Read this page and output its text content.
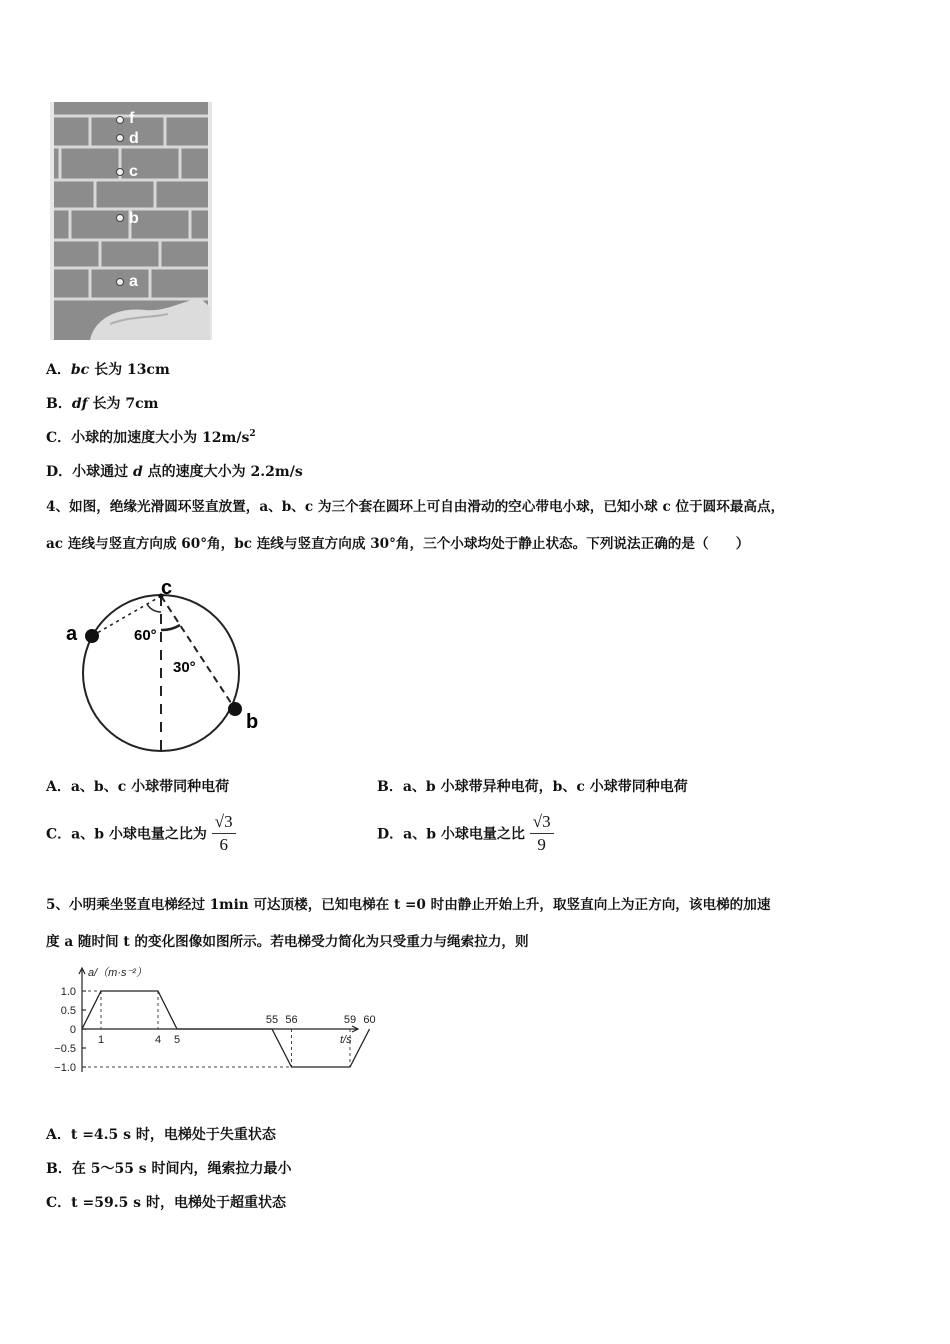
f
d
c
b
a
A．bc 长为 13cm
B．df 长为 7cm
C．小球的加速度大小为 $12m/s^2$
D．小球通过 d 点的速度大小为 2.2m/s
4、如图，绝缘光滑圆环竖直放置，a、b、c 为三个套在圆环上可自由滑动的空心带电小球，已知小球 c 位于圆环最高点，
ac 连线与竖直方向成 60°角，bc 连线与竖直方向成 30°角，三个小球均处于静止状态。下列说法正确的是（　　）
a
b
c
60°
30°
A．a、b、c 小球带同种电荷	B．a、b 小球带异种电荷，b、c 小球带同种电荷
C．a、b 小球电量之比为 $\frac{√3}{6}$	D．a、b 小球电量之比 $\frac{√3}{9}$
5、小明乘坐竖直电梯经过 1min 可达顶楼，已知电梯在 t =0 时由静止开始上升，取竖直向上为正方向，该电梯的加速
度 a 随时间 t 的变化图像如图所示。若电梯受力简化为只受重力与绳索拉力，则
1.0
0.5
0
−0.5
−1.0
1	4 5
55 56	59 60
a/（m·s⁻²）
t/s
A．t =4.5 s 时，电梯处于失重状态
B．在 5～55 s 时间内，绳索拉力最小
C．t =59.5 s 时，电梯处于超重状态
